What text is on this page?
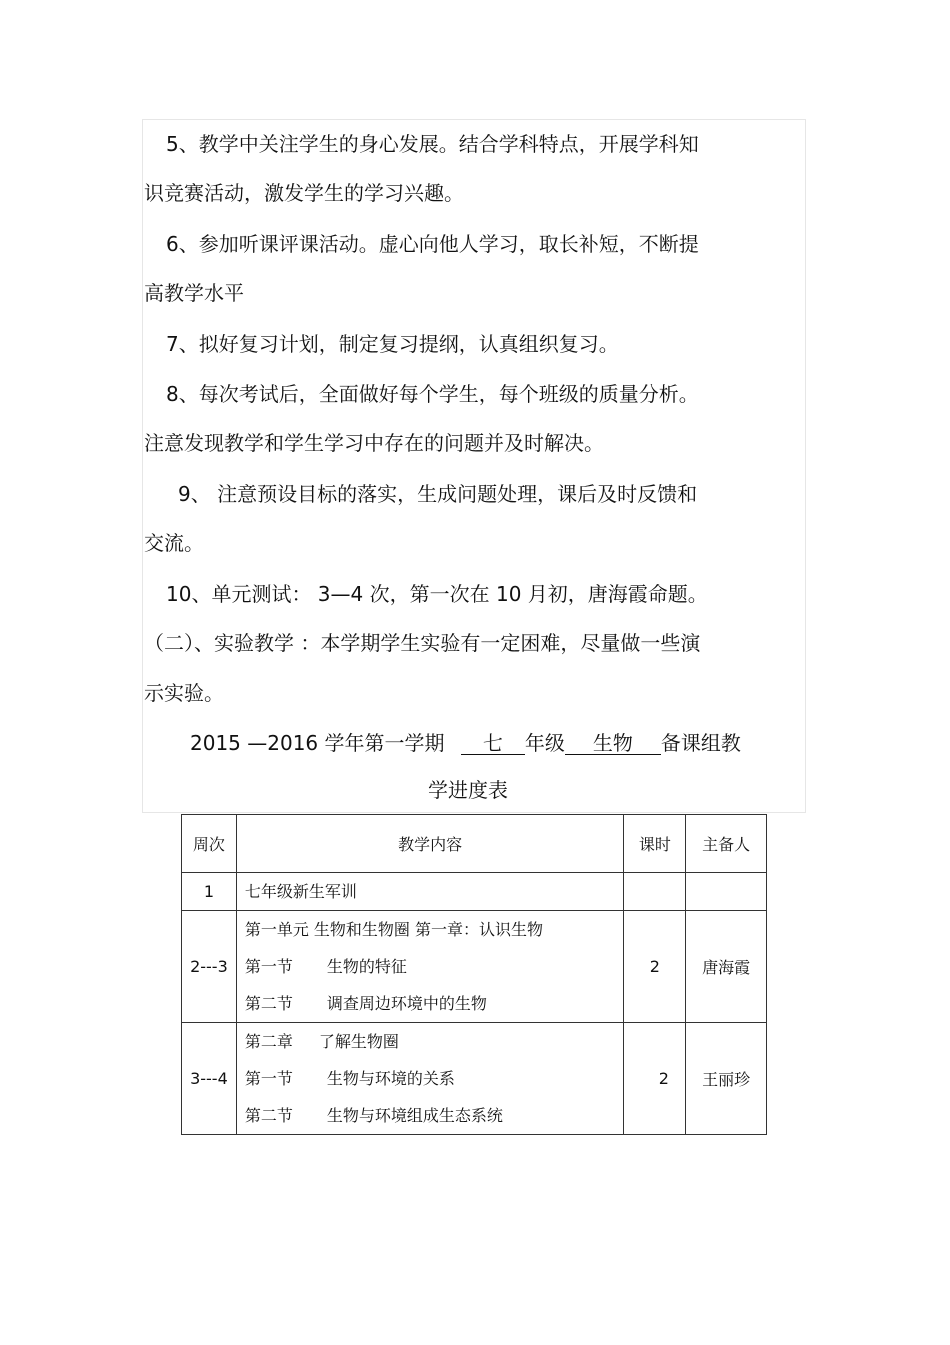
5、教学中关注学生的身心发展。结合学科特点，开展学科知
识竞赛活动，激发学生的学习兴趣。
6、参加听课评课活动。虚心向他人学习，取长补短，不断提
高教学水平
7、拟好复习计划，制定复习提纲，认真组织复习。
8、每次考试后，全面做好每个学生，每个班级的质量分析。
注意发现教学和学生学习中存在的问题并及时解决。
9、 注意预设目标的落实，生成问题处理，课后及时反馈和
交流。
10、单元测试： 3—4 次，第一次在 10 月初，唐海霞命题。
（二）、实验教学 ：本学期学生实验有一定困难，尽量做一些演
示实验。
2015 —2016 学年第一学期 七 年级 生物 备课组教
学进度表
周次	教学内容	课时	主备人
1	七年级新生军训		

2---3	第一单元 生物和生物圈 第一章：认识生物
第一节 生物的特征
第二节 调查周边环境中的生物	2	唐海霞
3---4	第二章 了解生物圈
第一节 生物与环境的关系
第二节 生物与环境组成生态系统	2	王丽珍
